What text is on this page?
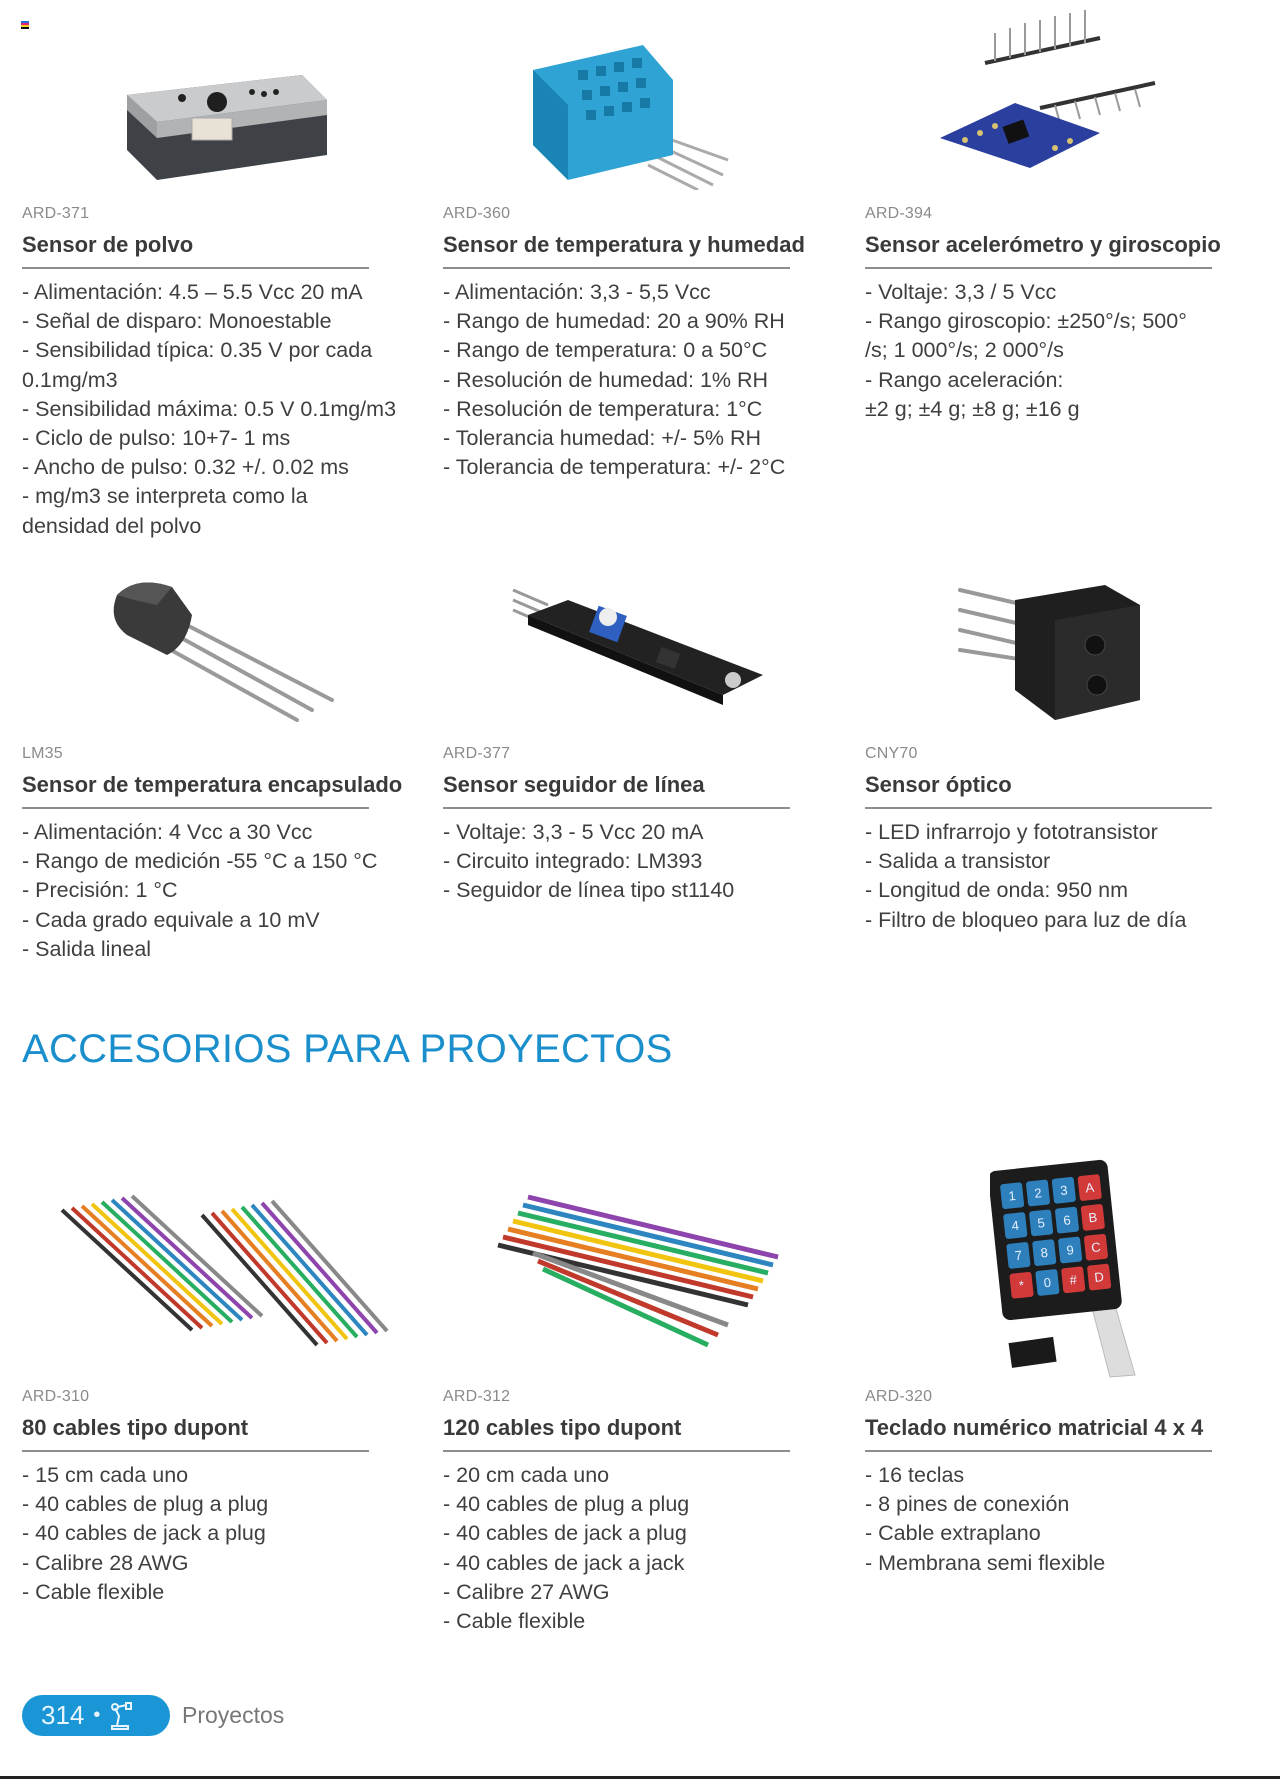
ARD-371
Sensor de polvo
- Alimentación: 4.5 – 5.5 Vcc 20 mA
- Señal de disparo: Monoestable
- Sensibilidad típica: 0.35 V por cada
0.1mg/m3
- Sensibilidad máxima: 0.5 V 0.1mg/m3
- Ciclo de pulso: 10+7- 1 ms
- Ancho de pulso: 0.32 +/. 0.02 ms
- mg/m3 se interpreta como la
densidad del polvo
ARD-360
Sensor de temperatura y humedad
- Alimentación: 3,3 - 5,5 Vcc
- Rango de humedad: 20 a 90% RH
- Rango de temperatura: 0 a 50°C
- Resolución de humedad: 1% RH
- Resolución de temperatura: 1°C
- Tolerancia humedad: +/- 5% RH
- Tolerancia de temperatura: +/- 2°C
ARD-394
Sensor acelerómetro y giroscopio
- Voltaje: 3,3 / 5 Vcc
- Rango giroscopio: ±250°/s; 500°
/s; 1 000°/s; 2 000°/s
- Rango aceleración:
±2 g; ±4 g; ±8 g; ±16 g
LM35
Sensor de temperatura encapsulado
- Alimentación: 4 Vcc a 30 Vcc
- Rango de medición -55 °C a 150 °C
- Precisión: 1 °C
- Cada grado equivale a 10 mV
- Salida lineal
ARD-377
Sensor seguidor de línea
- Voltaje: 3,3 - 5 Vcc 20 mA
- Circuito integrado: LM393
- Seguidor de línea tipo st1140
CNY70
Sensor óptico
- LED infrarrojo y fototransistor
- Salida a transistor
- Longitud de onda: 950 nm
- Filtro de bloqueo para luz de día
ACCESORIOS PARA PROYECTOS
ARD-310
80 cables tipo dupont
- 15 cm cada uno
- 40 cables de plug a plug
- 40 cables de jack a plug
- Calibre 28 AWG
- Cable flexible
ARD-312
120 cables tipo dupont
- 20 cm cada uno
- 40 cables de plug a plug
- 40 cables de jack a plug
- 40 cables de jack a jack
- Calibre 27 AWG
- Cable flexible
1 2 3 A
4 5 6 B
7 8 9 C
* 0 # D
ARD-320
Teclado numérico matricial 4 x 4
- 16 teclas
- 8 pines de conexión
- Cable extraplano
- Membrana semi flexible
314 •	Proyectos
